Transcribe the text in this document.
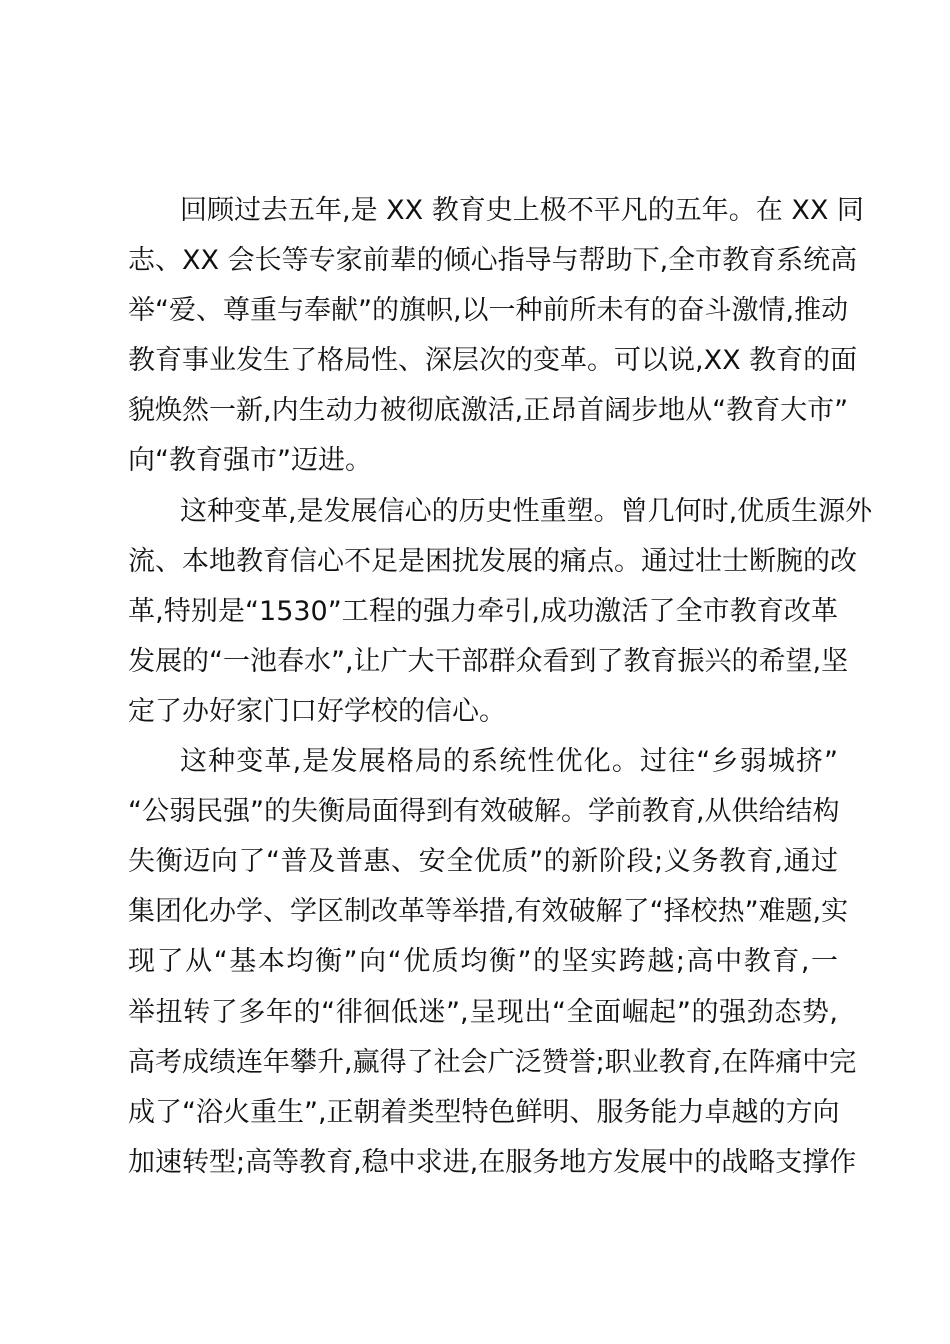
回顾过去五年,是 XX 教育史上极不平凡的五年。在 XX 同
志、XX 会长等专家前辈的倾心指导与帮助下,全市教育系统高
举“爱、尊重与奉献”的旗帜,以一种前所未有的奋斗激情,推动
教育事业发生了格局性、深层次的变革。可以说,XX 教育的面
貌焕然一新,内生动力被彻底激活,正昂首阔步地从“教育大市”
向“教育强市”迈进。
这种变革,是发展信心的历史性重塑。曾几何时,优质生源外
流、本地教育信心不足是困扰发展的痛点。通过壮士断腕的改
革,特别是“1530”工程的强力牵引,成功激活了全市教育改革
发展的“一池春水”,让广大干部群众看到了教育振兴的希望,坚
定了办好家门口好学校的信心。
这种变革,是发展格局的系统性优化。过往“乡弱城挤”
“公弱民强”的失衡局面得到有效破解。学前教育,从供给结构
失衡迈向了“普及普惠、安全优质”的新阶段;义务教育,通过
集团化办学、学区制改革等举措,有效破解了“择校热”难题,实
现了从“基本均衡”向“优质均衡”的坚实跨越;高中教育,一
举扭转了多年的“徘徊低迷”,呈现出“全面崛起”的强劲态势,
高考成绩连年攀升,赢得了社会广泛赞誉;职业教育,在阵痛中完
成了“浴火重生”,正朝着类型特色鲜明、服务能力卓越的方向
加速转型;高等教育,稳中求进,在服务地方发展中的战略支撑作
